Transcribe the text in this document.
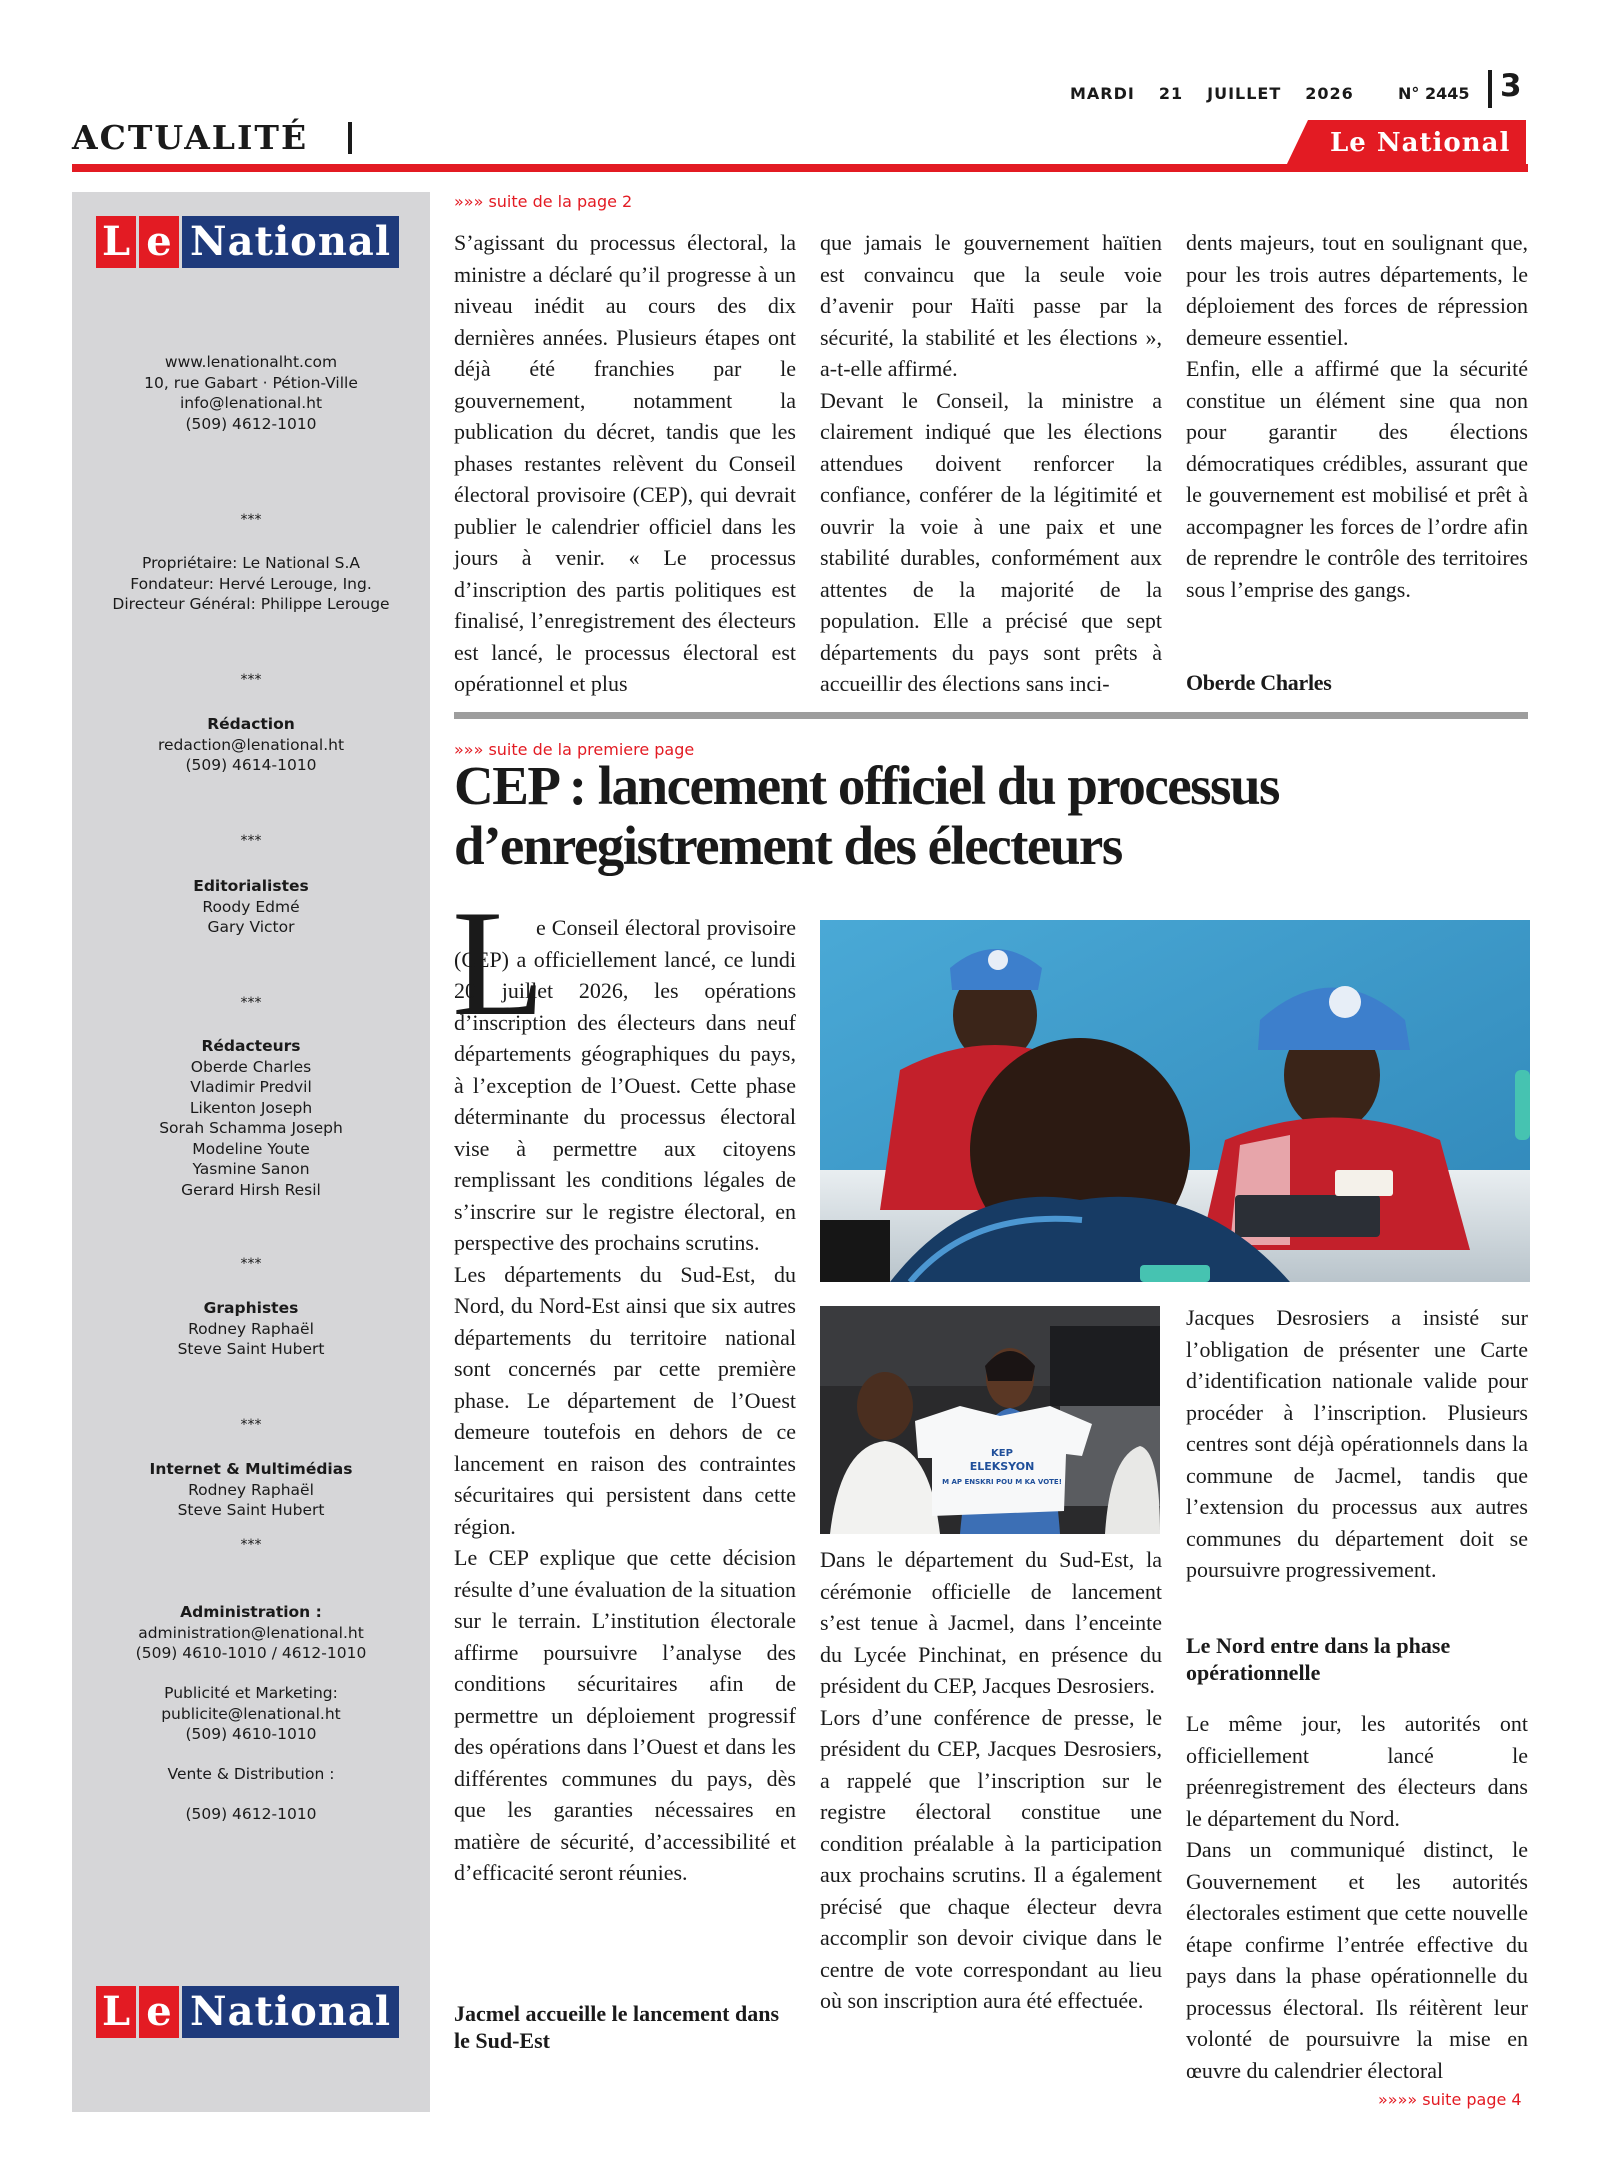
ACTUALITÉ
MARDI 21 JUILLET 2026	N° 2445 3
Le National
L e National
www.lenationalht.com
10, rue Gabart · Pétion-Ville
info@lenational.ht
(509) 4612-1010
***
Propriétaire: Le National S.A
Fondateur: Hervé Lerouge, Ing.
Directeur Général: Philippe Lerouge
***
Rédaction
redaction@lenational.ht
(509) 4614-1010
***
Editorialistes
Roody Edmé
Gary Victor
***
Rédacteurs
Oberde Charles
Vladimir Predvil
Likenton Joseph
Sorah Schamma Joseph
Modeline Youte
Yasmine Sanon
Gerard Hirsh Resil
***
Graphistes
Rodney Raphaël
Steve Saint Hubert
***
Internet & Multimédias
Rodney Raphaël
Steve Saint Hubert
***
Administration :
administration@lenational.ht
(509) 4610-1010 / 4612-1010
Publicité et Marketing:
publicite@lenational.ht
(509) 4610-1010
Vente & Distribution :
(509) 4612-1010
L e National
»»» suite de la page 2

S’agissant du processus électoral, la ministre a déclaré qu’il progresse à un niveau inédit au cours des dix dernières années. Plusieurs étapes ont déjà été franchies par le gouvernement, notamment la publication du décret, tandis que les phases restantes relèvent du Conseil électoral provisoire (CEP), qui devrait publier le calendrier officiel dans les jours à venir. « Le processus d’inscription des partis politiques est finalisé, l’enregistrement des électeurs est lancé, le processus électoral est opérationnel et plus

que jamais le gouvernement haïtien est convaincu que la seule voie d’avenir pour Haïti passe par la sécurité, la stabilité et les élections », a-t-elle affirmé.

Devant le Conseil, la ministre a clairement indiqué que les élections attendues doivent renforcer la confiance, conférer de la légitimité et ouvrir la voie à une paix et une stabilité durables, conformément aux attentes de la majorité de la population. Elle a précisé que sept départements du pays sont prêts à accueillir des élections sans inci-

dents majeurs, tout en soulignant que, pour les trois autres départements, le déploiement des forces de répression demeure essentiel.

Enfin, elle a affirmé que la sécurité constitue un élément sine qua non pour garantir des élections démocratiques crédibles, assurant que le gouvernement est mobilisé et prêt à accompagner les forces de l’ordre afin de reprendre le contrôle des territoires sous l’emprise des gangs.

Oberde Charles
»»» suite de la premiere page
CEP : lancement officiel du processus
d’enregistrement des électeurs
L

e Conseil électoral provisoire (CEP) a officiellement lancé, ce lundi 20 juillet 2026, les opérations d’inscription des électeurs dans neuf départements géographiques du pays, à l’exception de l’Ouest. Cette phase déterminante du processus électoral vise à permettre aux citoyens remplissant les conditions légales de s’inscrire sur le registre électoral, en perspective des prochains scrutins.

Les départements du Sud-Est, du Nord, du Nord-Est ainsi que six autres départements du territoire national sont concernés par cette première phase. Le département de l’Ouest demeure toutefois en dehors de ce lancement en raison des contraintes sécuritaires qui persistent dans cette région.

Le CEP explique que cette décision résulte d’une évaluation de la situation sur le terrain. L’institution électorale affirme poursuivre l’analyse des conditions sécuritaires afin de permettre un déploiement progressif des opérations dans l’Ouest et dans les différentes communes du pays, dès que les garanties nécessaires en matière de sécurité, d’accessibilité et d’efficacité seront réunies.

Jacmel accueille le lancement dans le Sud-Est
KEP
ELEKSYON
M AP ENSKRI POU M KA VOTE!

Dans le département du Sud-Est, la cérémonie officielle de lancement s’est tenue à Jacmel, dans l’enceinte du Lycée Pinchinat, en présence du président du CEP, Jacques Desrosiers.

Lors d’une conférence de presse, le président du CEP, Jacques Desrosiers, a rappelé que l’inscription sur le registre électoral constitue une condition préalable à la participation aux prochains scrutins. Il a également précisé que chaque électeur devra accomplir son devoir civique dans le centre de vote correspondant au lieu où son inscription aura été effectuée.

Jacques Desrosiers a insisté sur l’obligation de présenter une Carte d’identification nationale valide pour procéder à l’inscription. Plusieurs centres sont déjà opérationnels dans la commune de Jacmel, tandis que l’extension du processus aux autres communes du département doit se poursuivre progressivement.

Le Nord entre dans la phase opérationnelle

Le même jour, les autorités ont officiellement lancé le préenregistrement des électeurs dans le département du Nord.

Dans un communiqué distinct, le Gouvernement et les autorités électorales estiment que cette nouvelle étape confirme l’entrée effective du pays dans la phase opérationnelle du processus électoral. Ils réitèrent leur volonté de poursuivre la mise en œuvre du calendrier électoral

»»»» suite page 4
